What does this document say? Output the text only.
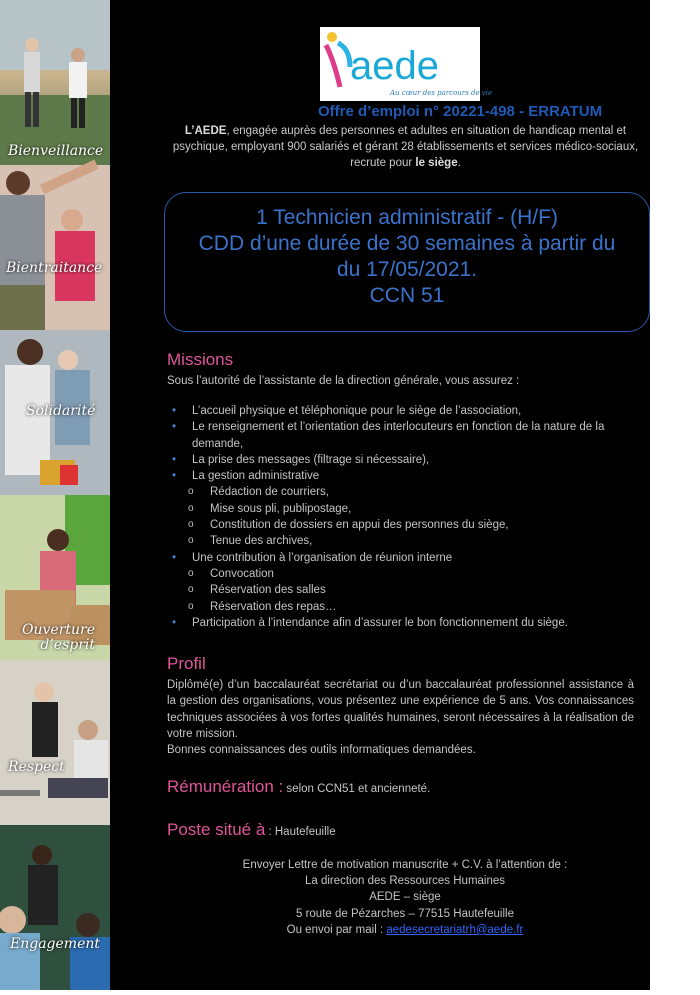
Bienveillance
Bientraitance
Solidarité
Ouverture
d’esprit
Respect
Engagement
aede
Au cœur des parcours de vie
Offre d’emploi n° 20221-498 - ERRATUM
L’AEDE, engagée auprès des personnes et adultes en situation de handicap mental et psychique, employant 900 salariés et gérant 28 établissements et services médico-sociaux, recrute pour le siège.
1 Technicien administratif - (H/F)
CDD d’une durée de 30 semaines à partir du
du 17/05/2021.
CCN 51
Missions
Sous l’autorité de l’assistante de la direction générale, vous assurez :
• L’accueil physique et téléphonique pour le siège de l’association,
• Le renseignement et l’orientation des interlocuteurs en fonction de la nature de la demande,
• La prise des messages (filtrage si nécessaire),
• La gestion administrative
o Rédaction de courriers,
o Mise sous pli, publipostage,
o Constitution de dossiers en appui des personnes du siège,
o Tenue des archives,
• Une contribution à l’organisation de réunion interne
o Convocation
o Réservation des salles
o Réservation des repas…
• Participation à l’intendance afin d’assurer le bon fonctionnement du siège.
Profil
Diplômé(e) d’un baccalauréat secrétariat ou d’un baccalauréat professionnel assistance à la gestion des organisations, vous présentez une expérience de 5 ans. Vos connaissances techniques associées à vos fortes qualités humaines, seront nécessaires à la réalisation de votre mission.
Bonnes connaissances des outils informatiques demandées.
Rémunération : selon CCN51 et ancienneté.
Poste situé à : Hautefeuille
Envoyer Lettre de motivation manuscrite + C.V. à l’attention de :
La direction des Ressources Humaines
AEDE – siège
5 route de Pézarches – 77515 Hautefeuille
Ou envoi par mail : aedesecretariatrh@aede.fr
